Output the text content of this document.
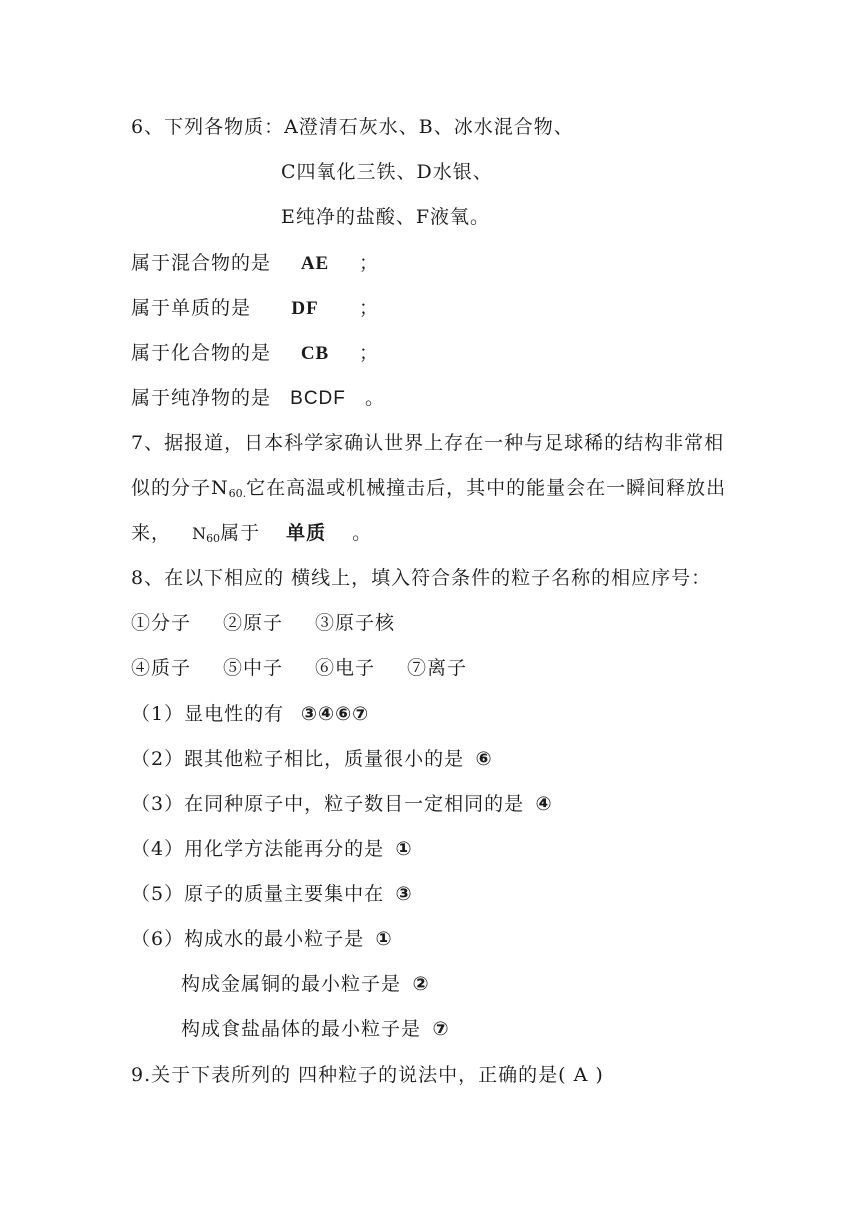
6、下列各物质：A澄清石灰水、B、冰水混合物、
C四氧化三铁、D水银、
E纯净的盐酸、F液氧。
属于混合物的是 AE ；
属于单质的是 DF ；
属于化合物的是 CB ；
属于纯净物的是 BCDF 。
7、据报道，日本科学家确认世界上存在一种与足球稀的结构非常相
似的分子$N_{60.}$它在高温或机械撞击后，其中的能量会在一瞬间释放出
来， $N_{60}$属于 单质 。
8、在以下相应的 横线上，填入符合条件的粒子名称的相应序号：
①分子 ②原子 ③原子核
④质子 ⑤中子 ⑥电子 ⑦离子
（1）显电性的有 ③④⑥⑦
（2）跟其他粒子相比，质量很小的是 ⑥
（3）在同种原子中，粒子数目一定相同的是 ④
（4）用化学方法能再分的是 ①
（5）原子的质量主要集中在 ③
（6）构成水的最小粒子是 ①
构成金属铜的最小粒子是 ②
构成食盐晶体的最小粒子是 ⑦
9.关于下表所列的 四种粒子的说法中，正确的是( A )
